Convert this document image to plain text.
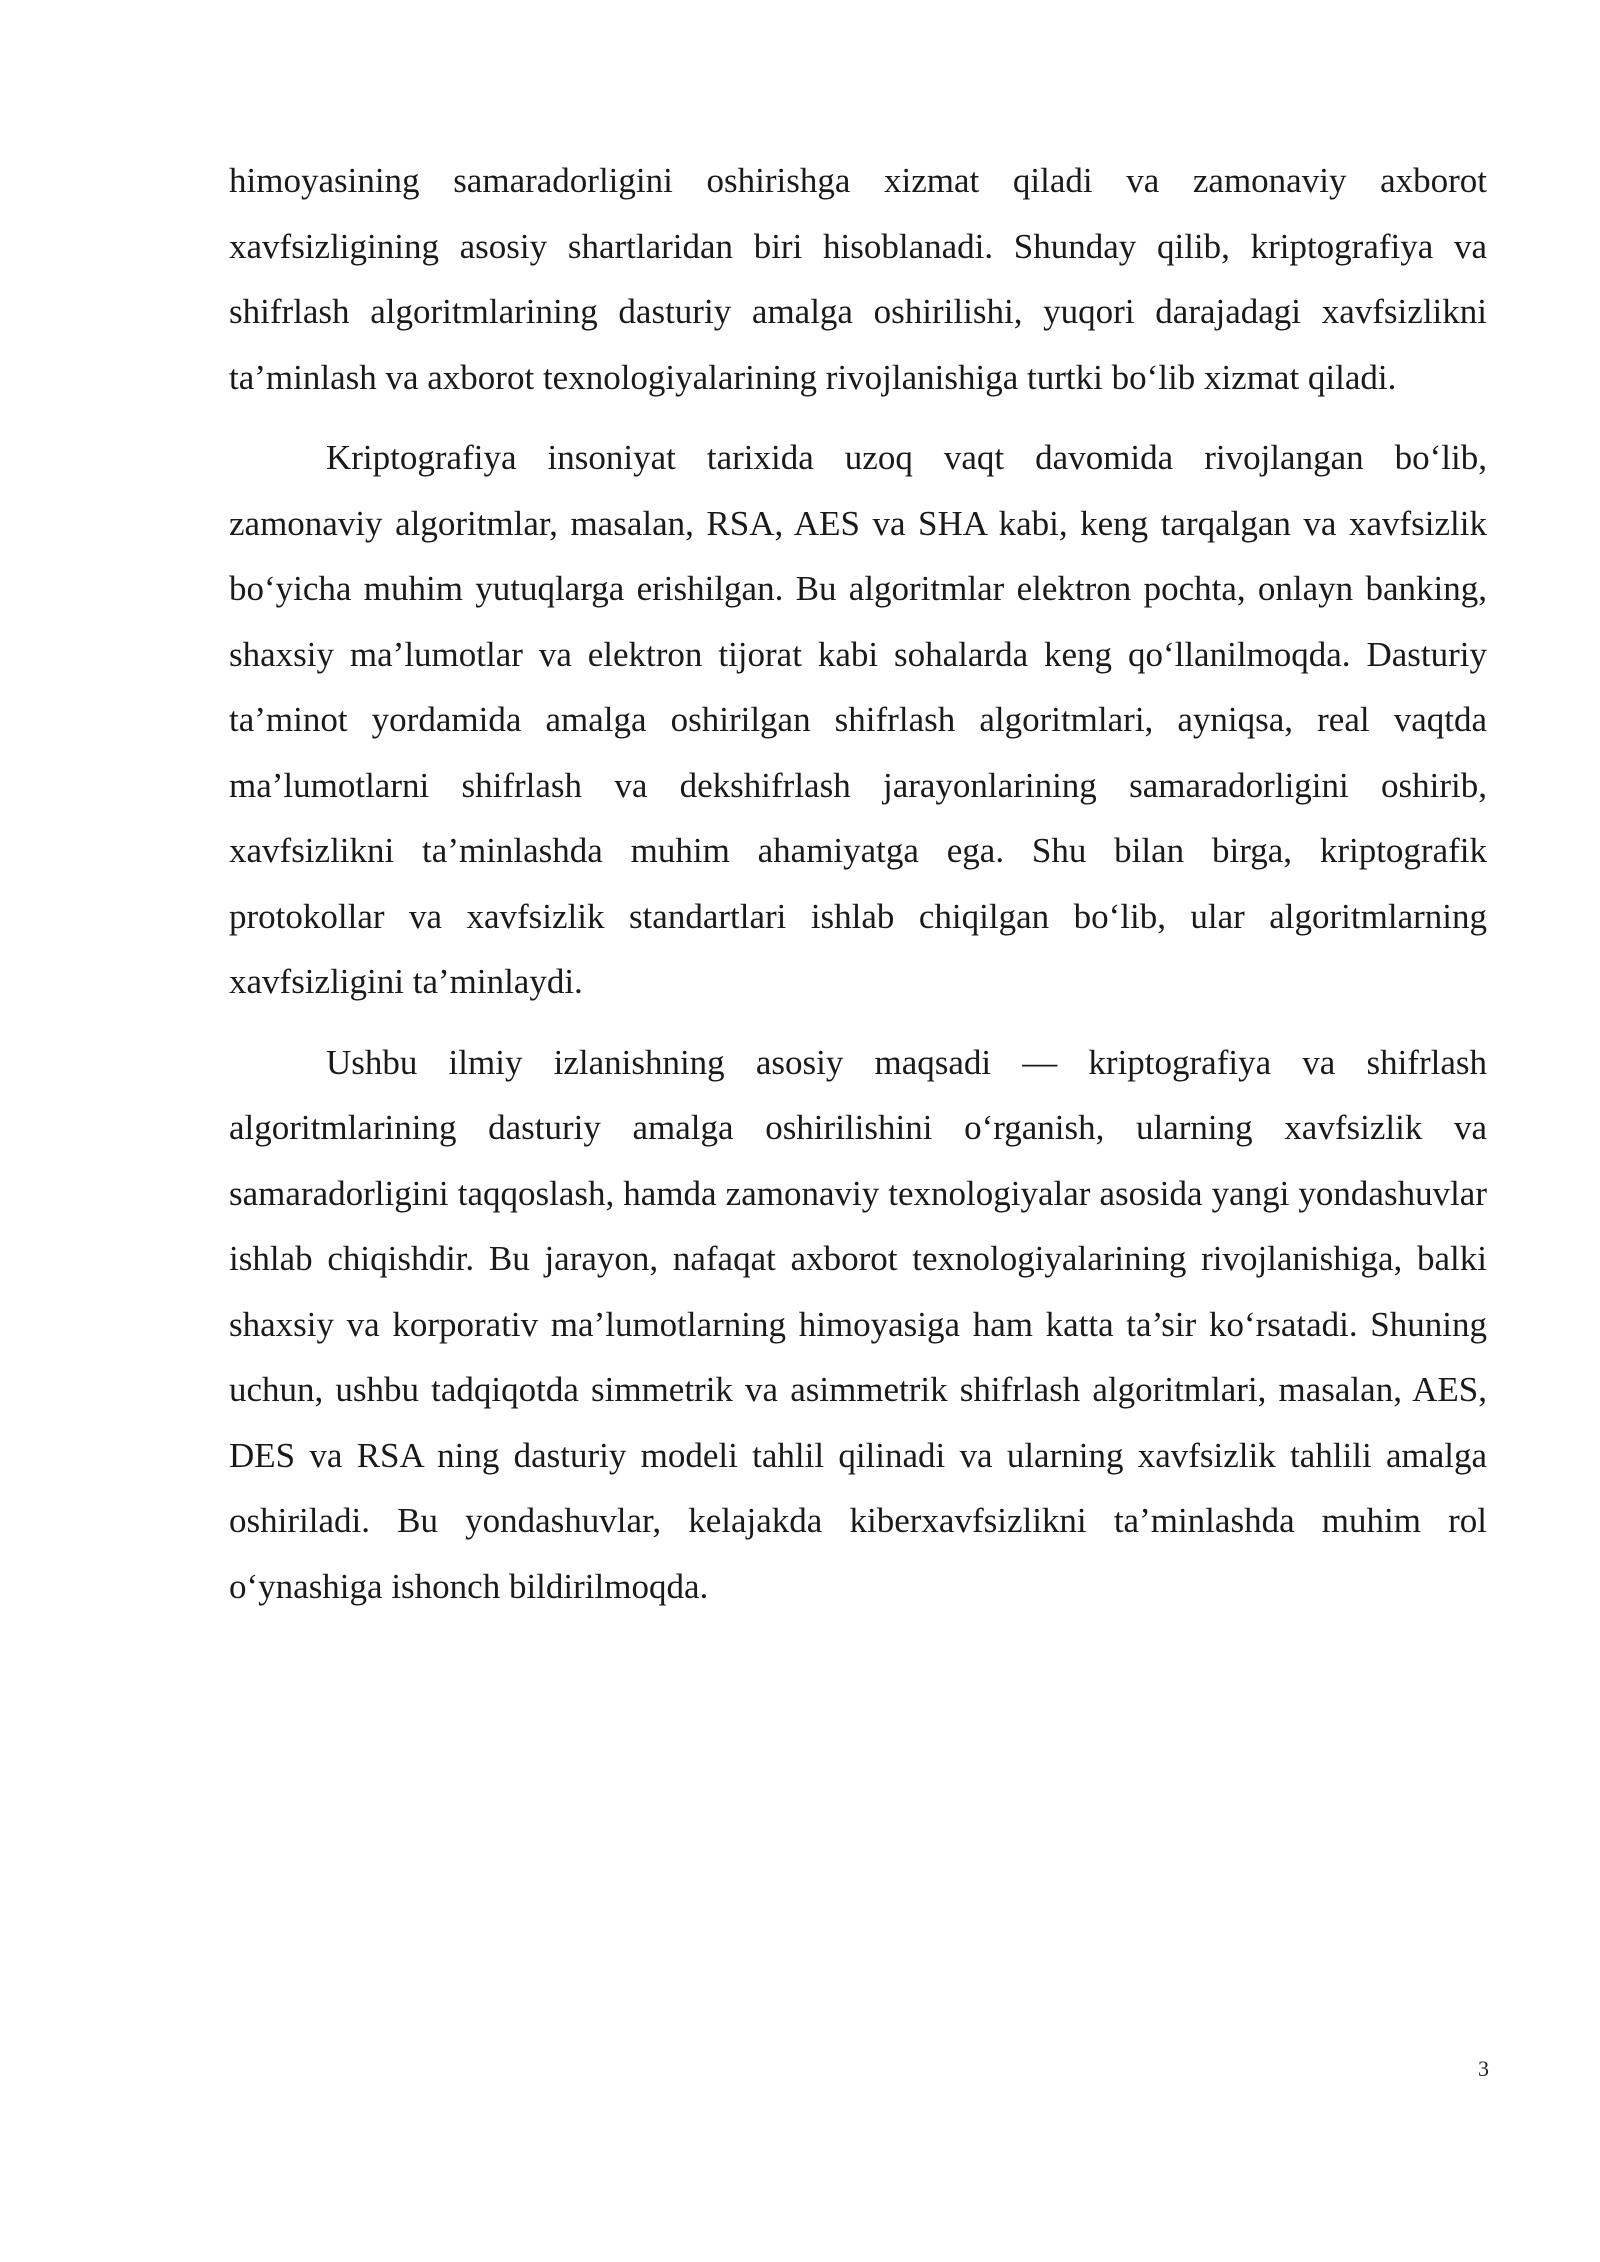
himoyasining samaradorligini oshirishga xizmat qiladi va zamonaviy axborot xavfsizligining asosiy shartlaridan biri hisoblanadi. Shunday qilib, kriptografiya va shifrlash algoritmlarining dasturiy amalga oshirilishi, yuqori darajadagi xavfsizlikni ta’minlash va axborot texnologiyalarining rivojlanishiga turtki bo‘lib xizmat qiladi.

Kriptografiya insoniyat tarixida uzoq vaqt davomida rivojlangan bo‘lib, zamonaviy algoritmlar, masalan, RSA, AES va SHA kabi, keng tarqalgan va xavfsizlik bo‘yicha muhim yutuqlarga erishilgan. Bu algoritmlar elektron pochta, onlayn banking, shaxsiy ma’lumotlar va elektron tijorat kabi sohalarda keng qo‘llanilmoqda. Dasturiy ta’minot yordamida amalga oshirilgan shifrlash algoritmlari, ayniqsa, real vaqtda ma’lumotlarni shifrlash va dekshifrlash jarayonlarining samaradorligini oshirib, xavfsizlikni ta’minlashda muhim ahamiyatga ega. Shu bilan birga, kriptografik protokollar va xavfsizlik standartlari ishlab chiqilgan bo‘lib, ular algoritmlarning xavfsizligini ta’minlaydi.

Ushbu ilmiy izlanishning asosiy maqsadi — kriptografiya va shifrlash algoritmlarining dasturiy amalga oshirilishini o‘rganish, ularning xavfsizlik va samaradorligini taqqoslash, hamda zamonaviy texnologiyalar asosida yangi yondashuvlar ishlab chiqishdir. Bu jarayon, nafaqat axborot texnologiyalarining rivojlanishiga, balki shaxsiy va korporativ ma’lumotlarning himoyasiga ham katta ta’sir ko‘rsatadi. Shuning uchun, ushbu tadqiqotda simmetrik va asimmetrik shifrlash algoritmlari, masalan, AES, DES va RSA ning dasturiy modeli tahlil qilinadi va ularning xavfsizlik tahlili amalga oshiriladi. Bu yondashuvlar, kelajakda kiberxavfsizlikni ta’minlashda muhim rol o‘ynashiga ishonch bildirilmoqda.

3
